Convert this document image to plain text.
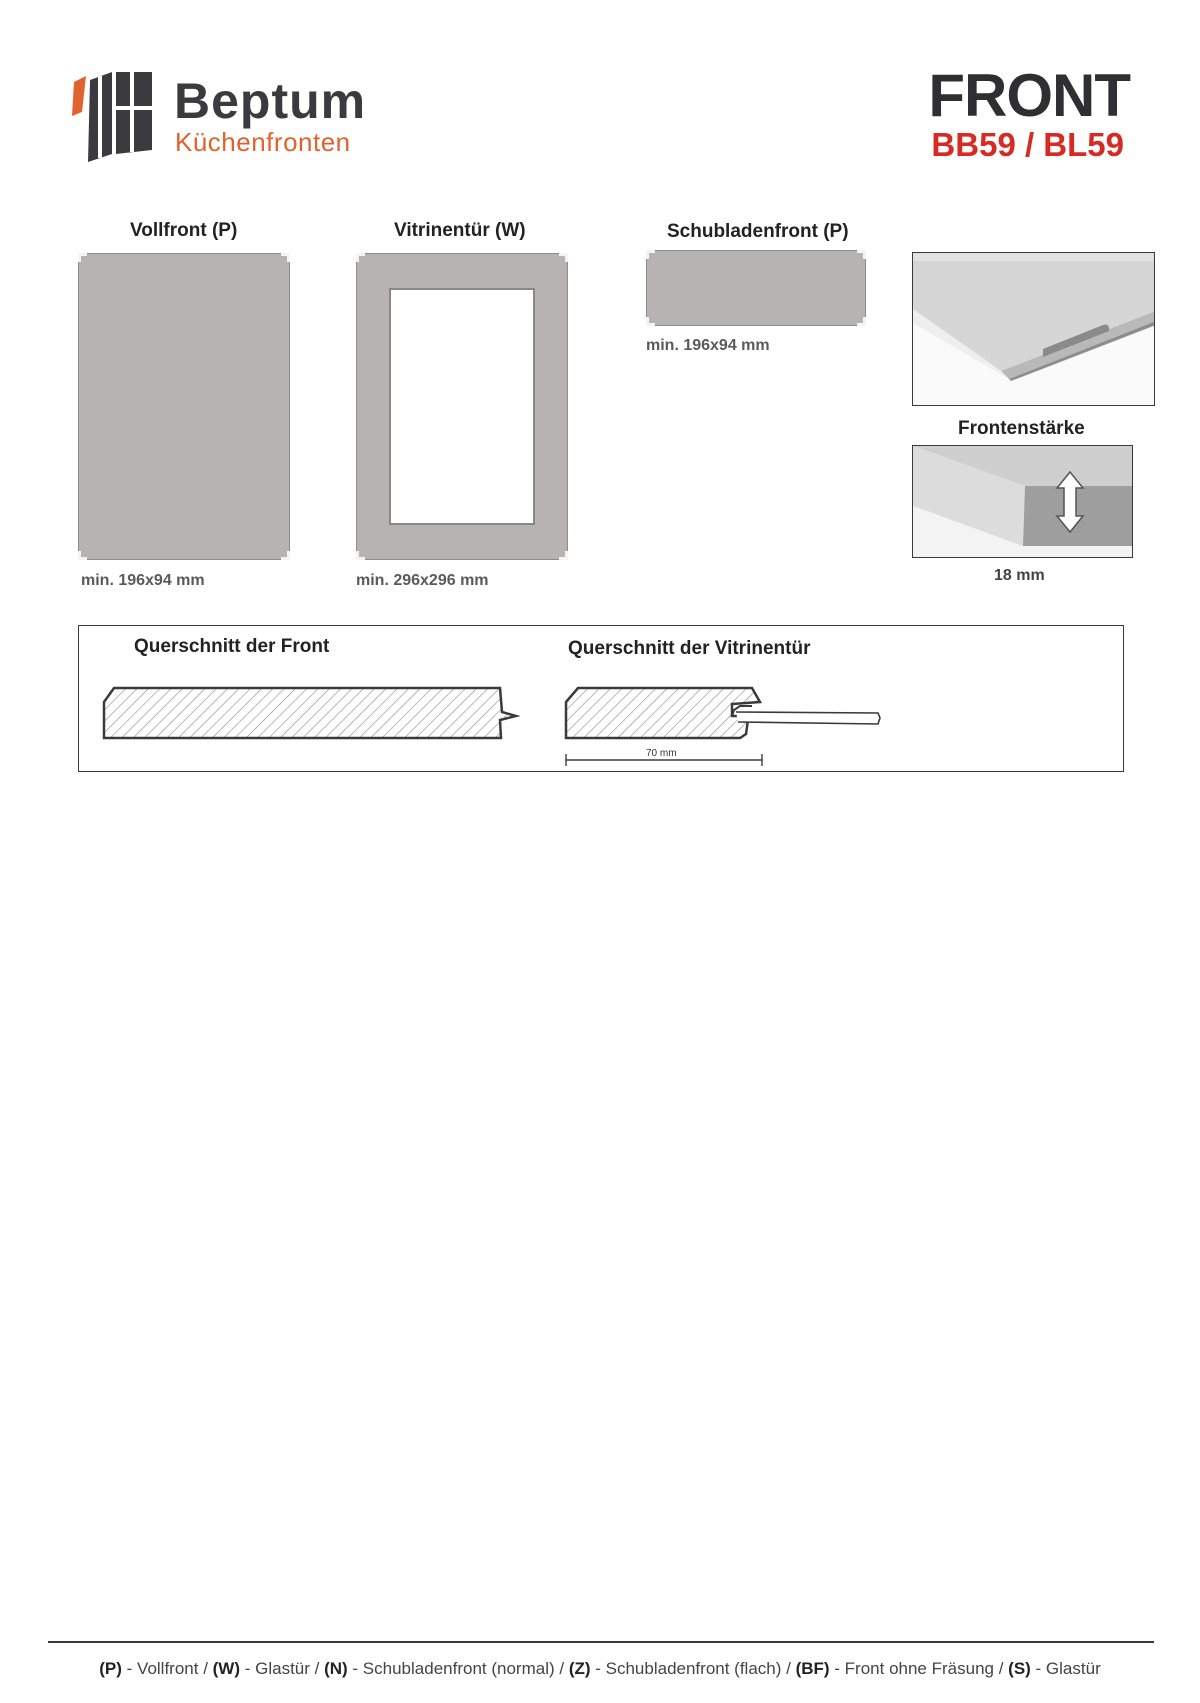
Beptum
Küchenfronten
FRONT
BB59 / BL59
Vollfront (P)
min. 196x94 mm
Vitrinentür (W)
min. 296x296 mm
Schubladenfront (P)
min. 196x94 mm
Frontenstärke
18 mm
Querschnitt der Front	Querschnitt der Vitrinentür
70 mm
(P) - Vollfront / (W) - Glastür / (N) - Schubladenfront (normal) / (Z) - Schubladenfront (flach) / (BF) - Front ohne Fräsung / (S) - Glastür
